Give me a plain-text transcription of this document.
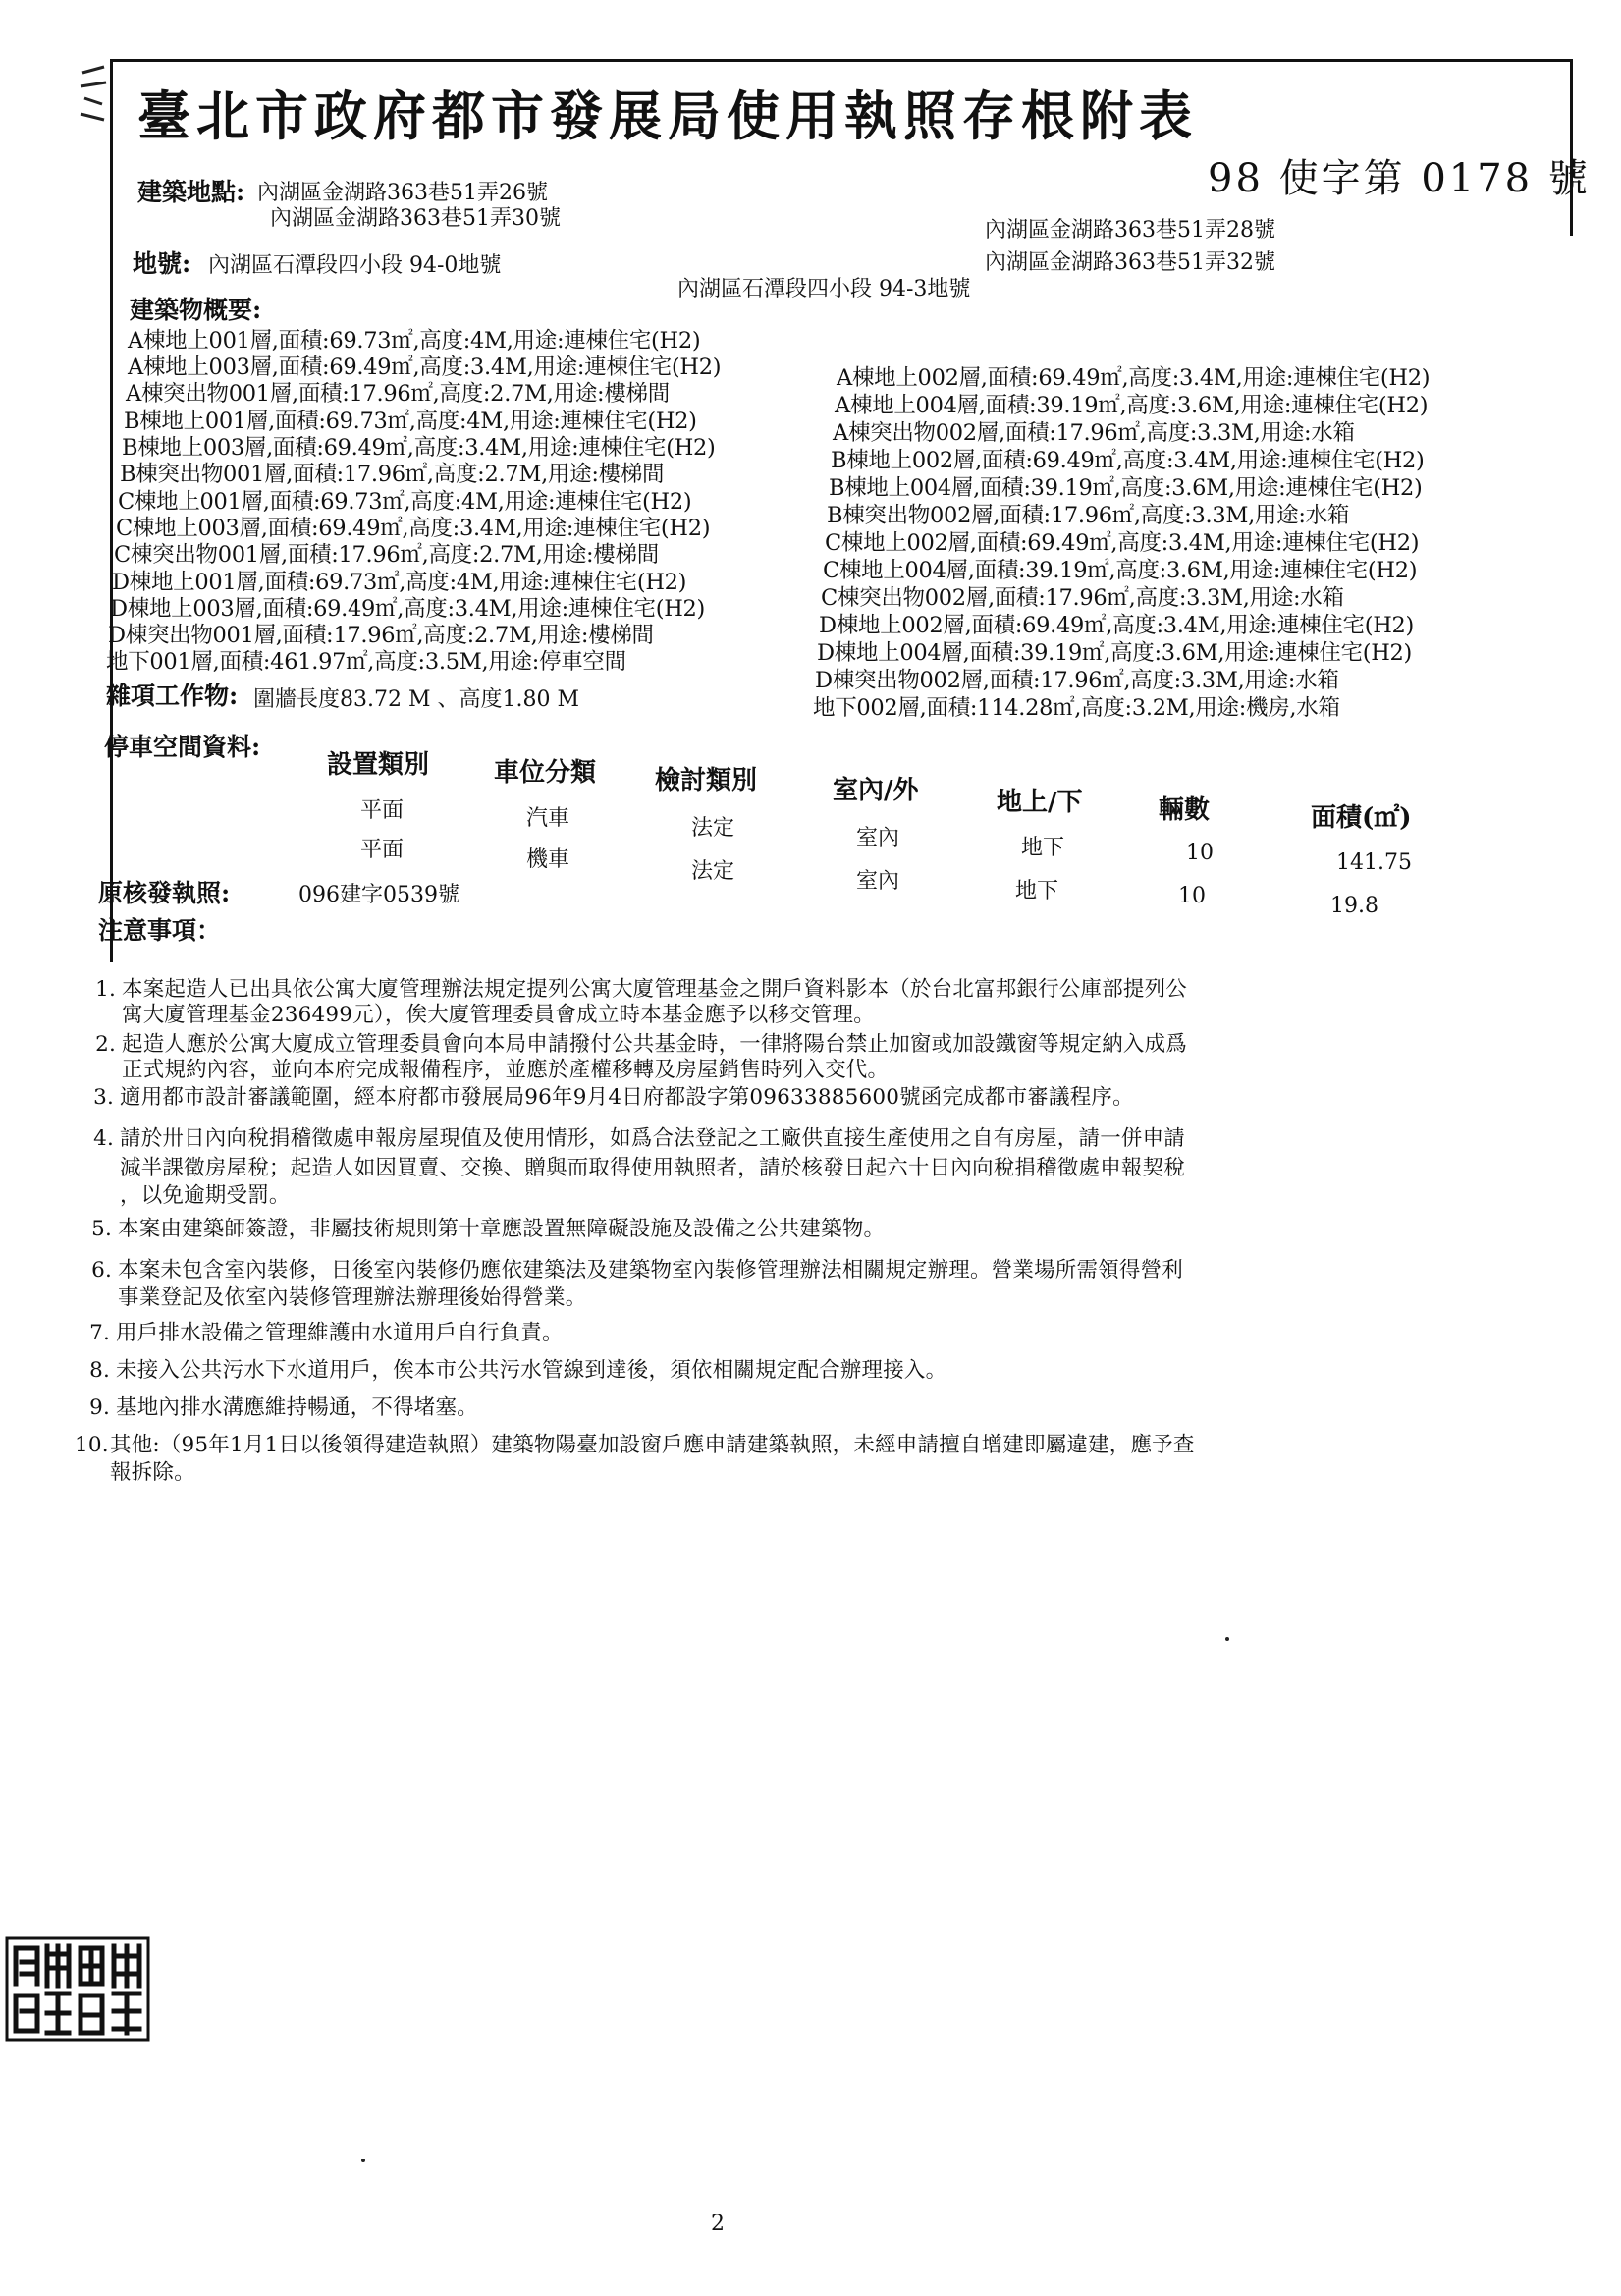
臺北市政府都市發展局使用執照存根附表
98 使字第 0178 號
建築地點: 內湖區金湖路363巷51弄26號
內湖區金湖路363巷51弄30號	內湖區金湖路363巷51弄28號
內湖區金湖路363巷51弄32號
地號: 內湖區石潭段四小段 94-0地號
內湖區石潭段四小段 94-3地號
建築物概要:
A棟地上001層,面積:69.73㎡,高度:4M,用途:連棟住宅(H2)
A棟地上003層,面積:69.49㎡,高度:3.4M,用途:連棟住宅(H2)
A棟突出物001層,面積:17.96㎡,高度:2.7M,用途:樓梯間
B棟地上001層,面積:69.73㎡,高度:4M,用途:連棟住宅(H2)
B棟地上003層,面積:69.49㎡,高度:3.4M,用途:連棟住宅(H2)
B棟突出物001層,面積:17.96㎡,高度:2.7M,用途:樓梯間
C棟地上001層,面積:69.73㎡,高度:4M,用途:連棟住宅(H2)
C棟地上003層,面積:69.49㎡,高度:3.4M,用途:連棟住宅(H2)
C棟突出物001層,面積:17.96㎡,高度:2.7M,用途:樓梯間
D棟地上001層,面積:69.73㎡,高度:4M,用途:連棟住宅(H2)
D棟地上003層,面積:69.49㎡,高度:3.4M,用途:連棟住宅(H2)
D棟突出物001層,面積:17.96㎡,高度:2.7M,用途:樓梯間
地下001層,面積:461.97㎡,高度:3.5M,用途:停車空間
A棟地上002層,面積:69.49㎡,高度:3.4M,用途:連棟住宅(H2)
A棟地上004層,面積:39.19㎡,高度:3.6M,用途:連棟住宅(H2)
A棟突出物002層,面積:17.96㎡,高度:3.3M,用途:水箱
B棟地上002層,面積:69.49㎡,高度:3.4M,用途:連棟住宅(H2)
B棟地上004層,面積:39.19㎡,高度:3.6M,用途:連棟住宅(H2)
B棟突出物002層,面積:17.96㎡,高度:3.3M,用途:水箱
C棟地上002層,面積:69.49㎡,高度:3.4M,用途:連棟住宅(H2)
C棟地上004層,面積:39.19㎡,高度:3.6M,用途:連棟住宅(H2)
C棟突出物002層,面積:17.96㎡,高度:3.3M,用途:水箱
D棟地上002層,面積:69.49㎡,高度:3.4M,用途:連棟住宅(H2)
D棟地上004層,面積:39.19㎡,高度:3.6M,用途:連棟住宅(H2)
D棟突出物002層,面積:17.96㎡,高度:3.3M,用途:水箱
地下002層,面積:114.28㎡,高度:3.2M,用途:機房,水箱
雜項工作物: 圍牆長度83.72 M 、高度1.80 M
停車空間資料:
設置類別	車位分類 檢討類別	室內/外	地上/下	輛數	面積(㎡)
平面	汽車	法定	室內	地下	10	141.75
平面	機車	法定	室內	地下	10	19.8
原核發執照:	096建字0539號
注意事項：
1. 本案起造人已出具依公寓大廈管理辦法規定提列公寓大廈管理基金之開戶資料影本（於台北富邦銀行公庫部提列公
寓大廈管理基金236499元），俟大廈管理委員會成立時本基金應予以移交管理。
2. 起造人應於公寓大廈成立管理委員會向本局申請撥付公共基金時，一律將陽台禁止加窗或加設鐵窗等規定納入成爲
正式規約內容，並向本府完成報備程序，並應於產權移轉及房屋銷售時列入交代。
3. 適用都市設計審議範圍，經本府都市發展局96年9月4日府都設字第09633885600號函完成都市審議程序。
4. 請於卅日內向稅捐稽徵處申報房屋現值及使用情形，如爲合法登記之工廠供直接生產使用之自有房屋，請一併申請
減半課徵房屋稅；起造人如因買賣、交換、贈與而取得使用執照者，請於核發日起六十日內向稅捐稽徵處申報契稅
，以免逾期受罰。
5. 本案由建築師簽證，非屬技術規則第十章應設置無障礙設施及設備之公共建築物。
6. 本案未包含室內裝修，日後室內裝修仍應依建築法及建築物室內裝修管理辦法相關規定辦理。營業場所需領得營利
事業登記及依室內裝修管理辦法辦理後始得營業。
7. 用戶排水設備之管理維護由水道用戶自行負責。
8. 未接入公共污水下水道用戶，俟本市公共污水管線到達後，須依相關規定配合辦理接入。
9. 基地內排水溝應維持暢通，不得堵塞。
10.其他:（95年1月1日以後領得建造執照）建築物陽臺加設窗戶應申請建築執照，未經申請擅自增建即屬違建，應予查
報拆除。
2
